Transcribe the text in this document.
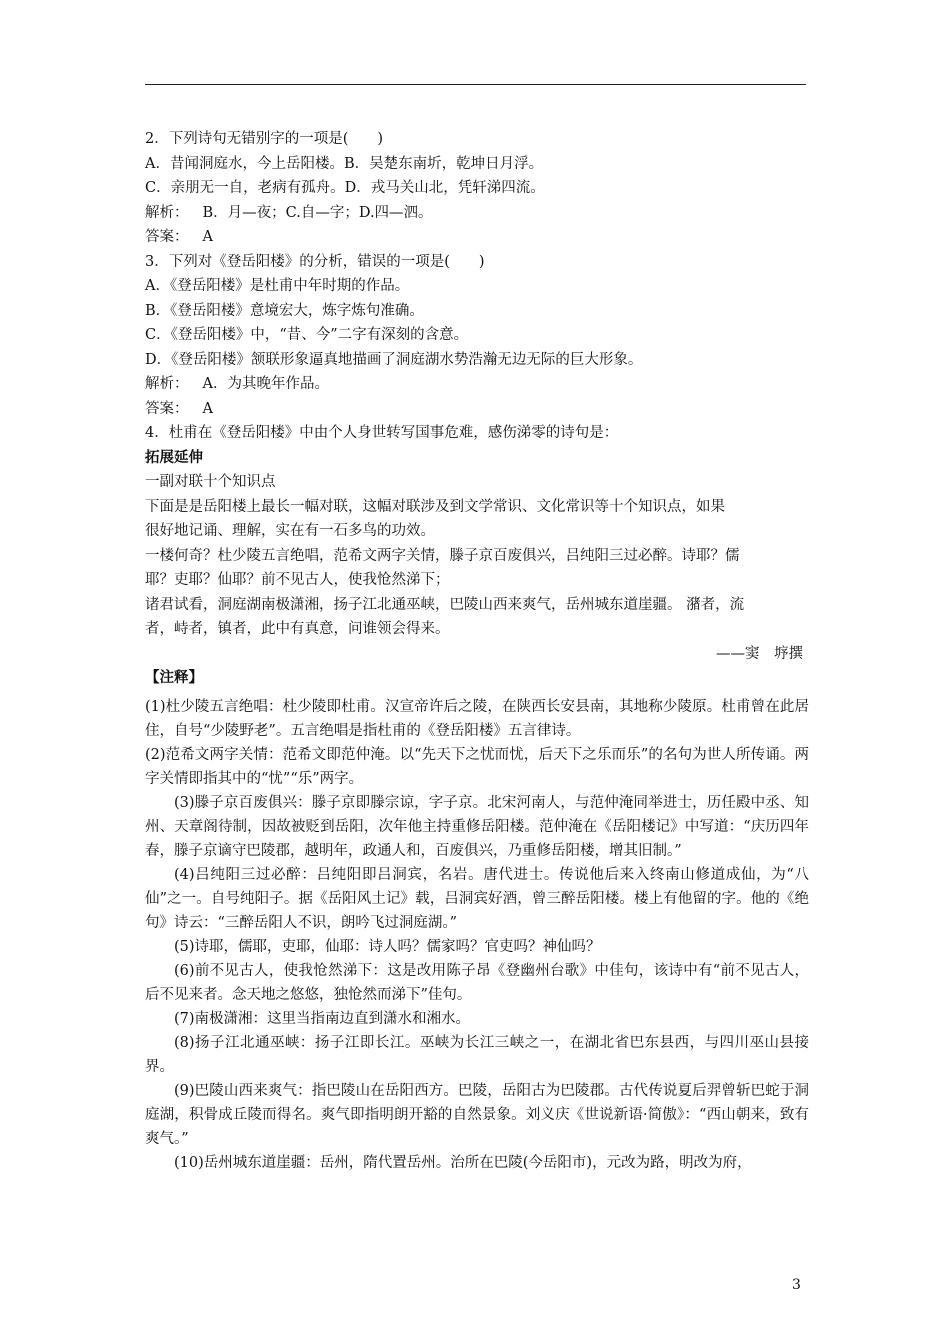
2．下列诗句无错别字的一项是(　　)

A．昔闻洞庭水，今上岳阳楼。B．吴楚东南圻，乾坤日月浮。

C．亲朋无一自，老病有孤舟。D．戎马关山北，凭轩涕四流。

解析： B．月—夜；C.自—字；D.四—泗。

答案： A

3．下列对《登岳阳楼》的分析，错误的一项是(　　)

A．《登岳阳楼》是杜甫中年时期的作品。

B．《登岳阳楼》意境宏大，炼字炼句准确。

C．《登岳阳楼》中，“昔、今”二字有深刻的含意。

D．《登岳阳楼》颔联形象逼真地描画了洞庭湖水势浩瀚无边无际的巨大形象。

解析： A．为其晚年作品。

答案： A

4．杜甫在《登岳阳楼》中由个人身世转写国事危难，感伤涕零的诗句是：

拓展延伸

一副对联十个知识点

下面是是岳阳楼上最长一幅对联，这幅对联涉及到文学常识、文化常识等十个知识点，如果

很好地记诵、理解，实在有一石多鸟的功效。

一楼何奇？杜少陵五言绝唱，范希文两字关情，滕子京百废俱兴，吕纯阳三过必醉。诗耶？儒

耶？吏耶？仙耶？前不见古人，使我怆然涕下；

诸君试看，洞庭湖南极潇湘，扬子江北通巫峡，巴陵山西来爽气，岳州城东道崖疆。 潴者，流

者，峙者，镇者，此中有真意，问谁领会得来。

——窦　垿撰

【注释】

(1)杜少陵五言绝唱：杜少陵即杜甫。汉宣帝许后之陵，在陕西长安县南，其地称少陵原。杜甫曾在此居住，自号“少陵野老”。五言绝唱是指杜甫的《登岳阳楼》五言律诗。

(2)范希文两字关情：范希文即范仲淹。以“先天下之忧而忧，后天下之乐而乐”的名句为世人所传诵。两字关情即指其中的“忧”“乐”两字。

(3)滕子京百废俱兴：滕子京即滕宗谅，字子京。北宋河南人，与范仲淹同举进士，历任殿中丞、知州、天章阁待制，因故被贬到岳阳，次年他主持重修岳阳楼。范仲淹在《岳阳楼记》中写道：“庆历四年春，滕子京谪守巴陵郡，越明年，政通人和，百废俱兴，乃重修岳阳楼，增其旧制。”

(4)吕纯阳三过必醉：吕纯阳即吕洞宾，名岩。唐代进士。传说他后来入终南山修道成仙，为“八仙”之一。自号纯阳子。据《岳阳风土记》载，吕洞宾好酒，曾三醉岳阳楼。楼上有他留的字。他的《绝句》诗云：“三醉岳阳人不识，朗吟飞过洞庭湖。”

(5)诗耶，儒耶，吏耶，仙耶：诗人吗？儒家吗？官吏吗？神仙吗？

(6)前不见古人，使我怆然涕下：这是改用陈子昂《登幽州台歌》中佳句，该诗中有“前不见古人，后不见来者。念天地之悠悠，独怆然而涕下”佳句。

(7)南极潇湘：这里当指南边直到潇水和湘水。

(8)扬子江北通巫峡：扬子江即长江。巫峡为长江三峡之一，在湖北省巴东县西，与四川巫山县接界。

(9)巴陵山西来爽气：指巴陵山在岳阳西方。巴陵，岳阳古为巴陵郡。古代传说夏后羿曾斩巴蛇于洞庭湖，积骨成丘陵而得名。爽气即指明朗开豁的自然景象。刘义庆《世说新语·简傲》：“西山朝来，致有爽气。”

(10)岳州城东道崖疆：岳州，隋代置岳州。治所在巴陵(今岳阳市)，元改为路，明改为府，

3
